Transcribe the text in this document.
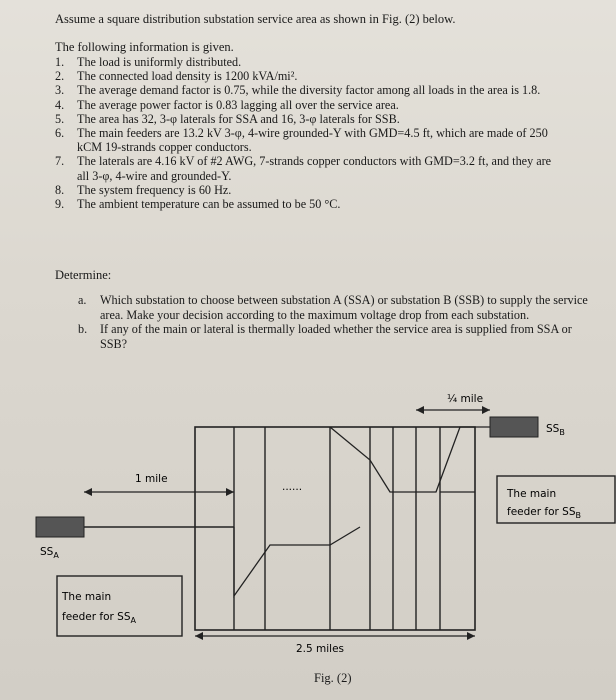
Assume a square distribution substation service area as shown in Fig. (2) below.
The following information is given.
1.	The load is uniformly distributed.
2.	The connected load density is 1200 kVA/mi².
3.	The average demand factor is 0.75, while the diversity factor among all loads in the area is 1.8.
4.	The average power factor is 0.83 lagging all over the service area.
5.	The area has 32, 3-φ laterals for SSA and 16, 3-φ laterals for SSB.
6.	The main feeders are 13.2 kV 3-φ, 4-wire grounded-Y with GMD=4.5 ft, which are made of 250 kCM 19-strands copper conductors.
7.	The laterals are 4.16 kV of #2 AWG, 7-strands copper conductors with GMD=3.2 ft, and they are all 3-φ, 4-wire and grounded-Y.
8.	The system frequency is 60 Hz.
9.	The ambient temperature can be assumed to be 50 °C.
Determine:
a.	Which substation to choose between substation A (SSA) or substation B (SSB) to supply the service area. Make your decision according to the maximum voltage drop from each substation.
b.	If any of the main or lateral is thermally loaded whether the service area is supplied from SSA or SSB?
¼ mile
1 mile
......
2.5 miles
$SS_B$
$SS_A$
The main
feeder for $SS_B$
The main
feeder for $SS_A$
Fig. (2)
